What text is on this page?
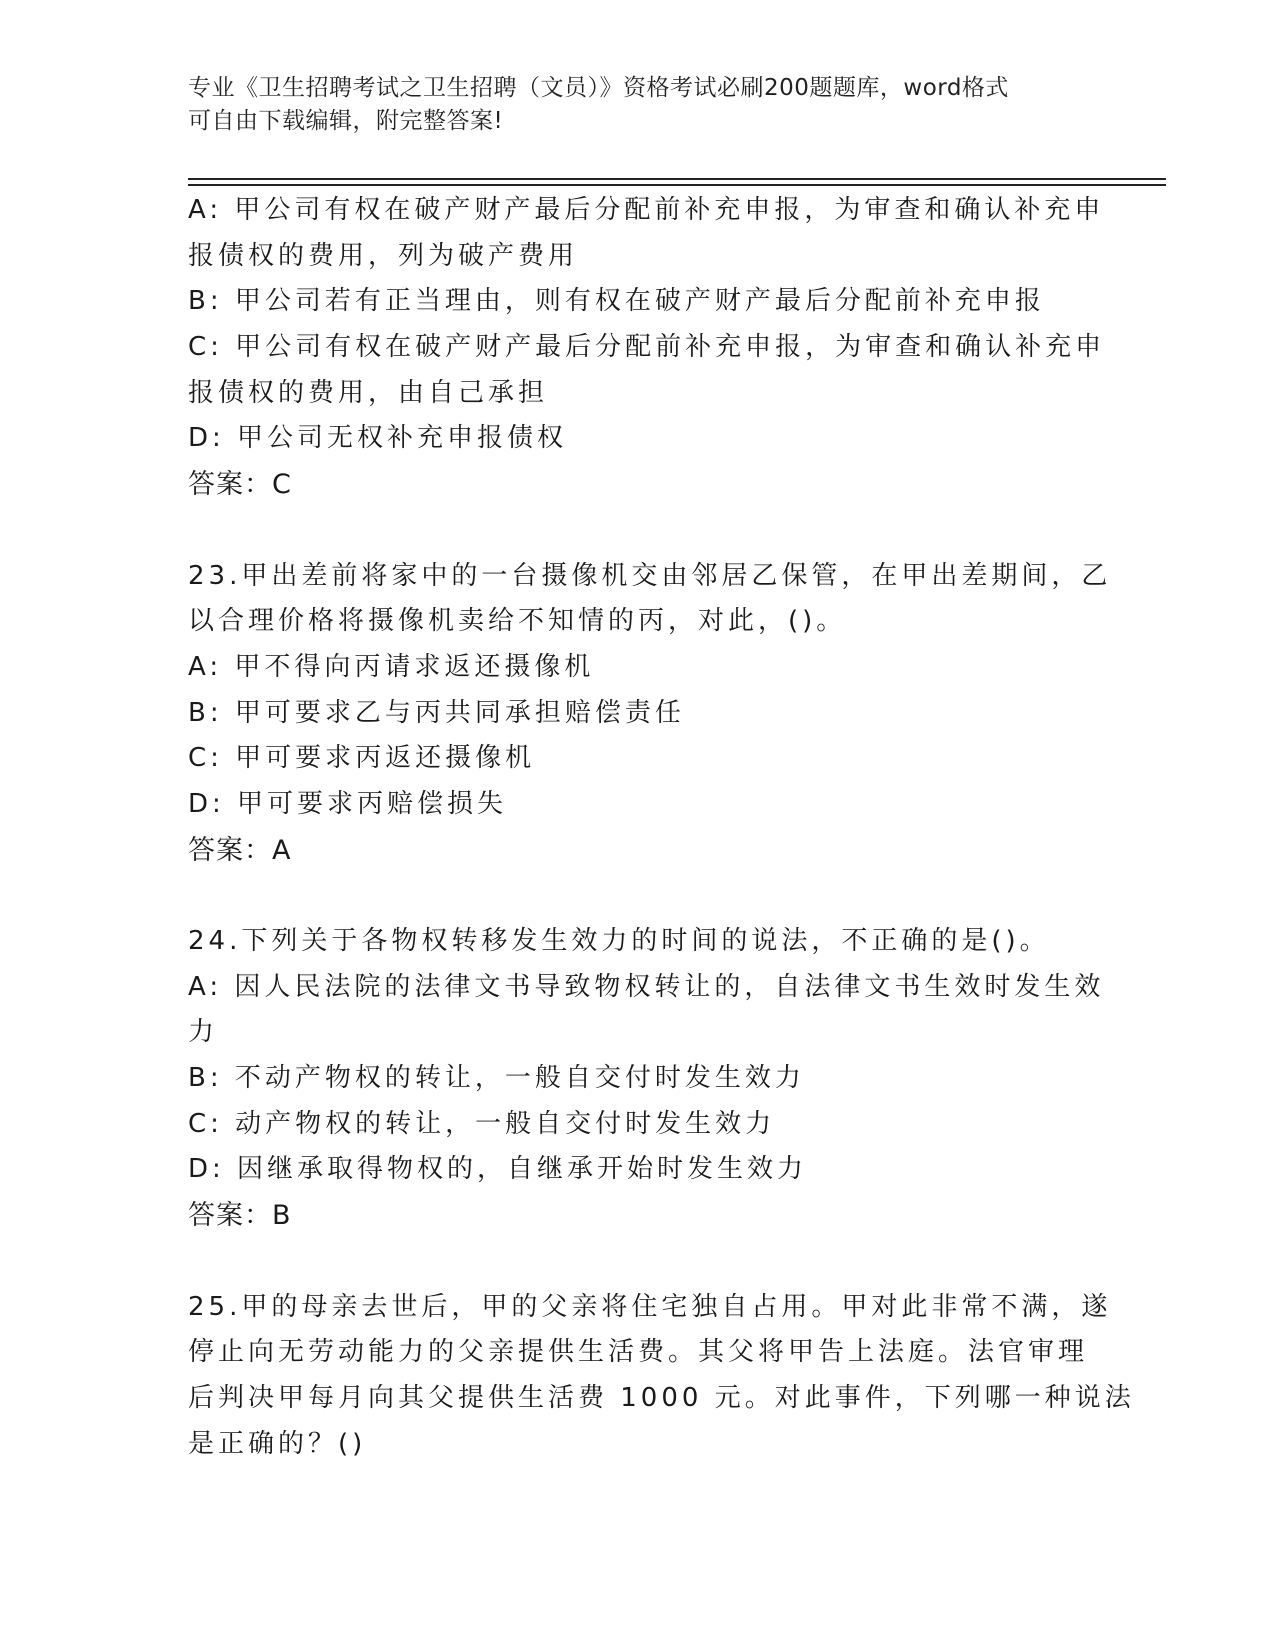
专业《卫生招聘考试之卫生招聘（文员）》资格考试必刷200题题库，word格式
可自由下载编辑，附完整答案!
A: 甲公司有权在破产财产最后分配前补充申报，为审查和确认补充申
报债权的费用，列为破产费用
B: 甲公司若有正当理由，则有权在破产财产最后分配前补充申报
C: 甲公司有权在破产财产最后分配前补充申报，为审查和确认补充申
报债权的费用，由自己承担
D: 甲公司无权补充申报债权
答案：C
23.甲出差前将家中的一台摄像机交由邻居乙保管，在甲出差期间，乙
以合理价格将摄像机卖给不知情的丙，对此，()。
A: 甲不得向丙请求返还摄像机
B: 甲可要求乙与丙共同承担赔偿责任
C: 甲可要求丙返还摄像机
D: 甲可要求丙赔偿损失
答案：A
24.下列关于各物权转移发生效力的时间的说法，不正确的是()。
A: 因人民法院的法律文书导致物权转让的，自法律文书生效时发生效
力
B: 不动产物权的转让，一般自交付时发生效力
C: 动产物权的转让，一般自交付时发生效力
D: 因继承取得物权的，自继承开始时发生效力
答案：B
25.甲的母亲去世后，甲的父亲将住宅独自占用。甲对此非常不满，遂
停止向无劳动能力的父亲提供生活费。其父将甲告上法庭。法官审理
后判决甲每月向其父提供生活费 1000 元。对此事件，下列哪一种说法
是正确的？()
